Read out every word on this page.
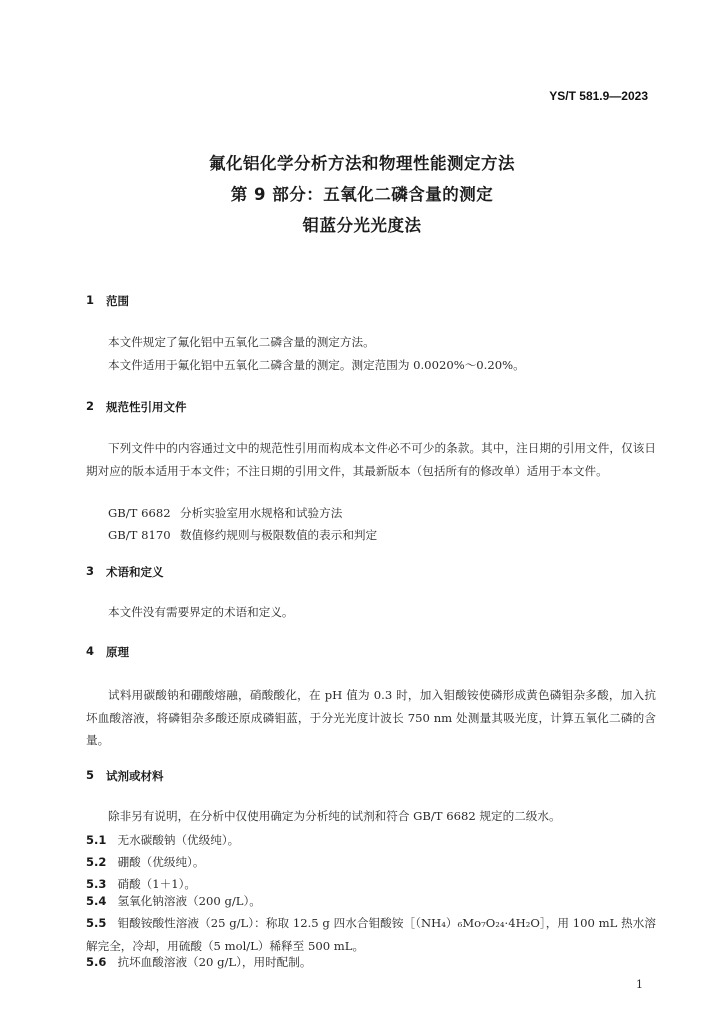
YS/T 581.9—2023
氟化铝化学分析方法和物理性能测定方法
第 9 部分：五氧化二磷含量的测定
钼蓝分光光度法
1 范围
本文件规定了氟化铝中五氧化二磷含量的测定方法。
本文件适用于氟化铝中五氧化二磷含量的测定。测定范围为 0.0020%～0.20%。
2 规范性引用文件
下列文件中的内容通过文中的规范性引用而构成本文件必不可少的条款。其中，注日期的引用文件，仅该日期对应的版本适用于本文件；不注日期的引用文件，其最新版本（包括所有的修改单）适用于本文件。
GB/T 6682 分析实验室用水规格和试验方法
GB/T 8170 数值修约规则与极限数值的表示和判定
3 术语和定义
本文件没有需要界定的术语和定义。
4 原理
试料用碳酸钠和硼酸熔融，硝酸酸化，在 pH 值为 0.3 时，加入钼酸铵使磷形成黄色磷钼杂多酸，加入抗坏血酸溶液，将磷钼杂多酸还原成磷钼蓝，于分光光度计波长 750 nm 处测量其吸光度，计算五氧化二磷的含量。
5 试剂或材料
除非另有说明，在分析中仅使用确定为分析纯的试剂和符合 GB/T 6682 规定的二级水。
5.1 无水碳酸钠（优级纯）。
5.2 硼酸（优级纯）。
5.3 硝酸（1＋1）。
5.4 氢氧化钠溶液（200 g/L）。
5.5 钼酸铵酸性溶液（25 g/L）：称取 12.5 g 四水合钼酸铵［（NH₄）₆Mo₇O₂₄·4H₂O］，用 100 mL 热水溶解完全，冷却，用硫酸（5 mol/L）稀释至 500 mL。
5.6 抗坏血酸溶液（20 g/L），用时配制。
1
